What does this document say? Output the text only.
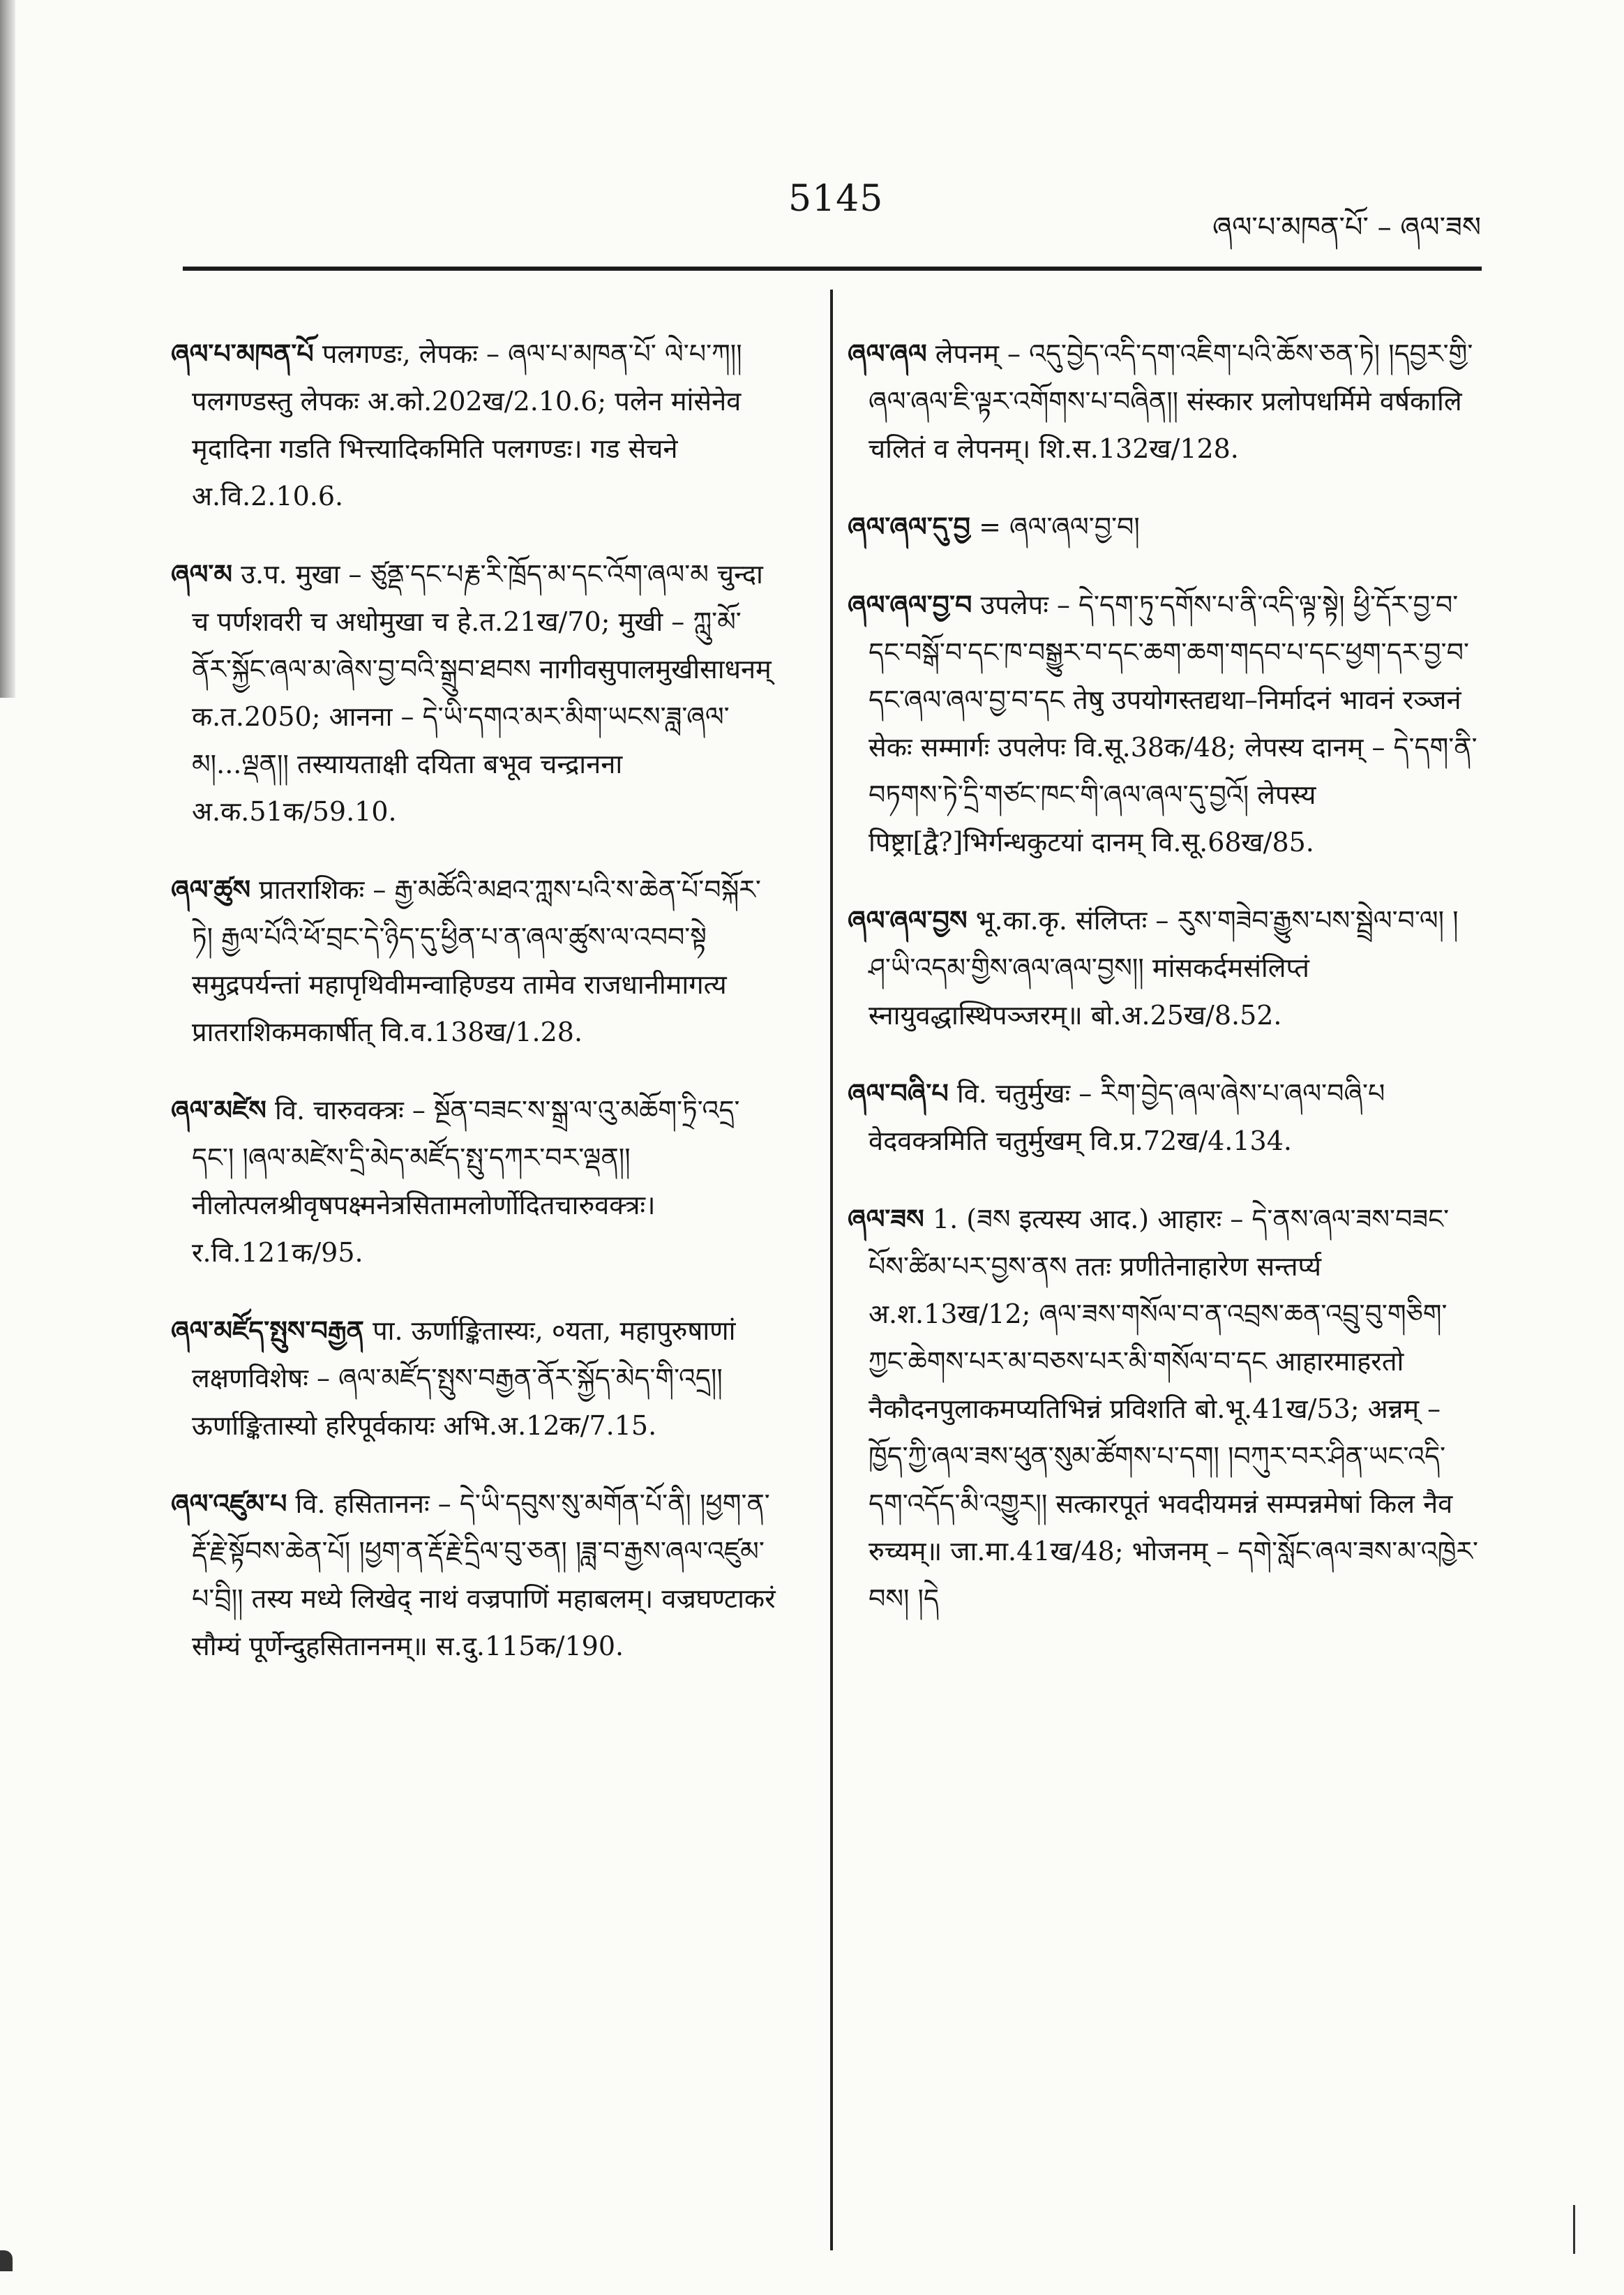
5145
ཞལ་པ་མཁན་པོ་ – ཞལ་ཟས

ཞལ་པ་མཁན་པོ पलगण्डः, लेपकः – ཞལ་པ་མཁན་པོ་ ལེ་པ་ཀ།། पलगण्डस्तु लेपकः अ.को.202ख/2.10.6; पलेन मांसेनेव मृदादिना गडति भित्त्यादिकमिति पलगण्डः। गड सेचने अ.वि.2.10.6.

ཞལ་མ उ.प. मुखा – ཙུནྡ་དང་པརྞ་རི་ཁྲོད་མ་དང་འོག་ཞལ་མ चुन्दा च पर्णशवरी च अधोमुखा च हे.त.21ख/70; मुखी – ཀླུ་མོ་ནོར་སྐྱོང་ཞལ་མ་ཞེས་བྱ་བའི་སྒྲུབ་ཐབས नागीवसुपालमुखीसाधनम् क.त.2050; आनना – དེ་ཡི་དགའ་མར་མིག་ཡངས་ཟླ་ཞལ་མ།...ལྡན།། तस्यायताक्षी दयिता बभूव चन्द्रानना अ.क.51क/59.10.

ཞལ་ཚུས प्रातराशिकः – རྒྱ་མཚོའི་མཐའ་ཀླས་པའི་ས་ཆེན་པོ་བསྐོར་ཏེ། རྒྱལ་པོའི་ཕོ་བྲང་དེ་ཉིད་དུ་ཕྱིན་པ་ན་ཞལ་ཚུས་ལ་འབབ་སྟེ समुद्रपर्यन्तां महापृथिवीमन्वाहिण्डय तामेव राजधानीमागत्य प्रातराशिकमकार्षीत् वि.व.138ख/1.28.

ཞལ་མཛེས वि. चारुवक्त्रः – སྔོན་བཟང་ས་སྒྲ་ལ་འུ་མཆོག་ཏྲི་འདྲ་དང་། །ཞལ་མཛེས་དྲི་མེད་མཛོད་སྤུ་དཀར་བར་ལྡན།། नीलोत्पलश्रीवृषपक्ष्मनेत्रसितामलोर्णोदितचारुवक्त्रः। र.वि.121क/95.

ཞལ་མཛོད་སྤུས་བརྒྱན पा. ऊर्णाङ्कितास्यः, ०यता, महापुरुषाणां लक्षणविशेषः – ཞལ་མཛོད་སྤུས་བརྒྱན་ནོར་སྐྱོད་མེད་གི་འདྲ།། ऊर्णाङ्कितास्यो हरिपूर्वकायः अभि.अ.12क/7.15.

ཞལ་འཛུམ་པ वि. हसिताननः – དེ་ཡི་དབུས་སུ་མགོན་པོ་ནི། །ཕྱག་ན་རྡོ་རྗེ་སྟོབས་ཆེན་པོ། །ཕྱག་ན་རྡོ་རྗེ་དྲིལ་བུ་ཅན། །ཟླ་བ་རྒྱས་ཞལ་འཛུམ་པ་བྲི།། तस्य मध्ये लिखेद् नाथं वज्रपाणिं महाबलम्। वज्रघण्टाकरं सौम्यं पूर्णेन्दुहसिताननम्॥ स.दु.115क/190.

ཞལ་ཞལ लेपनम् – འདུ་བྱེད་འདི་དག་འཇིག་པའི་ཆོས་ཅན་ཏེ། །དབྱར་གྱི་ཞལ་ཞལ་ཇི་ལྟར་འགོགས་པ་བཞིན།། संस्कार प्रलोपधर्मिमे वर्षकालि चलितं व लेपनम्। शि.स.132ख/128.

ཞལ་ཞལ་དུ་བྱ = ཞལ་ཞལ་བྱ་བ།

ཞལ་ཞལ་བྱ་བ उपलेपः – དེ་དག་ཏུ་དགོས་པ་ནི་འདི་ལྟ་སྟེ། ཕྱི་དོར་བྱ་བ་དང་བསྒོ་བ་དང་ཁ་བསྒྱུར་བ་དང་ཆག་ཆག་གདབ་པ་དང་ཕྱག་དར་བྱ་བ་དང་ཞལ་ཞལ་བྱ་བ་དང तेषु उपयोगस्तद्यथा–निर्मादनं भावनं रञ्जनं सेकः सम्मार्गः उपलेपः वि.सू.38क/48; लेपस्य दानम् – དེ་དག་ནི་བཏགས་ཏེ་དྲི་གཙང་ཁང་གི་ཞལ་ཞལ་དུ་བྱའོ། लेपस्य पिष्ट्रा[द्वै?]भिर्गन्धकुटयां दानम् वि.सू.68ख/85.

ཞལ་ཞལ་བྱས भू.का.कृ. संलिप्तः – རུས་གཟེབ་རྒྱུས་པས་སྦྲེལ་བ་ལ། །ཤ་ཡི་འདམ་གྱིས་ཞལ་ཞལ་བྱས།། मांसकर्दमसंलिप्तं स्नायुवद्धास्थिपञ्जरम्॥ बो.अ.25ख/8.52.

ཞལ་བཞི་པ वि. चतुर्मुखः – རིག་བྱེད་ཞལ་ཞེས་པ་ཞལ་བཞི་པ वेदवक्त्रमिति चतुर्मुखम् वि.प्र.72ख/4.134.

ཞལ་ཟས 1. (ཟས इत्यस्य आद.) आहारः – དེ་ནས་ཞལ་ཟས་བཟང་པོས་ཚིམ་པར་བྱས་ནས ततः प्रणीतेनाहारेण सन्तर्प्य अ.श.13ख/12; ཞལ་ཟས་གསོལ་བ་ན་འབྲས་ཆན་འབྲུ་བུ་གཅིག་ཀྱང་ཆེགས་པར་མ་བཅས་པར་མི་གསོལ་བ་དང आहारमाहरतो नैकौदनपुलाकमप्यतिभिन्नं प्रविशति बो.भू.41ख/53; अन्नम् – ཁྱོད་ཀྱི་ཞལ་ཟས་ཕུན་སུམ་ཚོགས་པ་དག། །བཀུར་བར་ཤིན་ཡང་འདི་དག་འདོད་མི་འགྱུར།། सत्कारपूतं भवदीयमन्नं सम्पन्नमेषां किल नैव रुच्यम्॥ जा.मा.41ख/48; भोजनम् – དགེ་སློང་ཞལ་ཟས་མ་འཁྱེར་བས། །དེ
